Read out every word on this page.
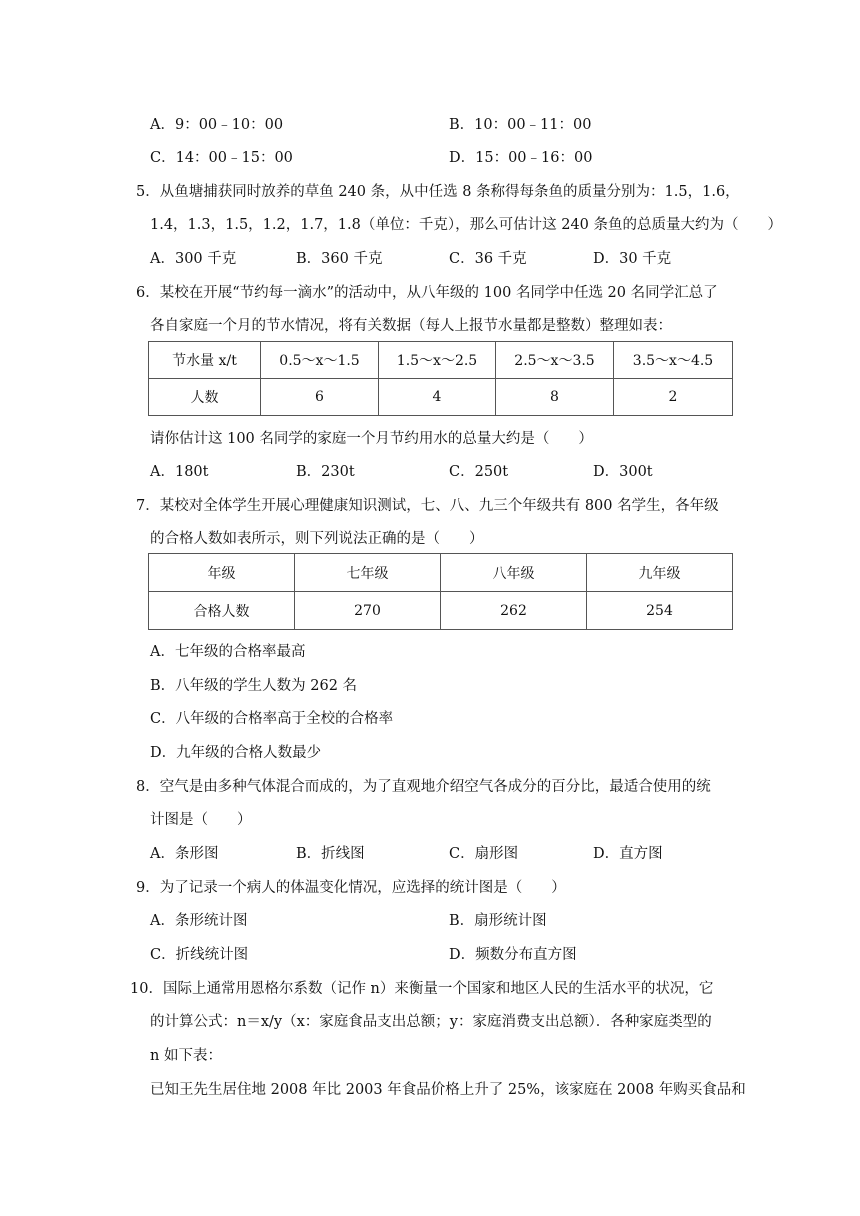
A．9：00﹣10：00	B．10：00﹣11：00
C．14：00﹣15：00	D．15：00﹣16：00
5．从鱼塘捕获同时放养的草鱼 240 条，从中任选 8 条称得每条鱼的质量分别为：1.5，1.6，
1.4，1.3，1.5，1.2，1.7，1.8（单位：千克），那么可估计这 240 条鱼的总质量大约为（　　）
A．300 千克	B．360 千克	C．36 千克	D．30 千克
6．某校在开展“节约每一滴水”的活动中，从八年级的 100 名同学中任选 20 名同学汇总了
各自家庭一个月的节水情况，将有关数据（每人上报节水量都是整数）整理如表：
节水量 x/t	0.5～x～1.5	1.5～x～2.5	2.5～x～3.5	3.5～x～4.5
人数	6	4	8	2
请你估计这 100 名同学的家庭一个月节约用水的总量大约是（　　）
A．180t	B．230t	C．250t	D．300t
7．某校对全体学生开展心理健康知识测试，七、八、九三个年级共有 800 名学生，各年级
的合格人数如表所示，则下列说法正确的是（　　）
年级	七年级	八年级	九年级
合格人数	270	262	254
A．七年级的合格率最高
B．八年级的学生人数为 262 名
C．八年级的合格率高于全校的合格率
D．九年级的合格人数最少
8．空气是由多种气体混合而成的，为了直观地介绍空气各成分的百分比，最适合使用的统
计图是（　　）
A．条形图	B．折线图	C．扇形图	D．直方图
9．为了记录一个病人的体温变化情况，应选择的统计图是（　　）
A．条形统计图	B．扇形统计图
C．折线统计图	D．频数分布直方图
10．国际上通常用恩格尔系数（记作 n）来衡量一个国家和地区人民的生活水平的状况，它
的计算公式：n＝x/y（x：家庭食品支出总额；y：家庭消费支出总额）．各种家庭类型的
n 如下表：
已知王先生居住地 2008 年比 2003 年食品价格上升了 25%，该家庭在 2008 年购买食品和
